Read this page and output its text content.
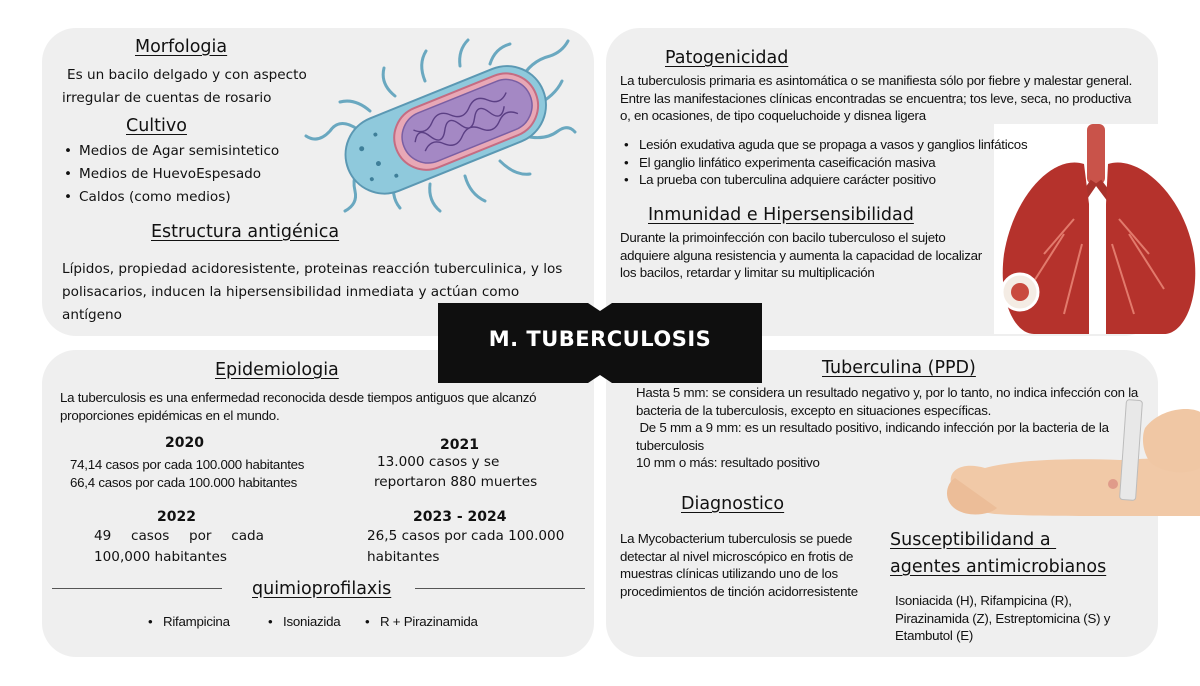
M. TUBERCULOSIS
Morfologia
Es un bacilo delgado y con aspecto irregular de cuentas de rosario
Cultivo
• Medios de Agar semisintetico
• Medios de HuevoEspesado
• Caldos (como medios)
Estructura antigénica
Lípidos, propiedad acidoresistente, proteinas reacción tuberculinica, y los polisacarios, inducen la hipersensibilidad inmediata y actúan como antígeno
Patogenicidad
La tuberculosis primaria es asintomática o se manifiesta sólo por fiebre y malestar general. Entre las manifestaciones clínicas encontradas se encuentra; tos leve, seca, no productiva o, en ocasiones, de tipo coqueluchoide y disnea ligera
• Lesión exudativa aguda que se propaga a vasos y ganglios linfáticos
• El ganglio linfático experimenta caseificación masiva
• La prueba con tuberculina adquiere carácter positivo
Inmunidad e Hipersensibilidad
Durante la primoinfección con bacilo tuberculoso el sujeto adquiere alguna resistencia y aumenta la capacidad de localizar los bacilos, retardar y limitar su multiplicación
Epidemiologia
La tuberculosis es una enfermedad reconocida desde tiempos antiguos que alcanzó proporciones epidémicas en el mundo.
2020
74,14 casos por cada 100.000 habitantes
66,4 casos por cada 100.000 habitantes
2021
13.000 casos y se
reportaron 880 muertes
2022
49 casos por cada
100,000 habitantes
2023 - 2024
26,5 casos por cada 100.000
habitantes
quimioprofilaxis
• Rifampicina	• Isoniazida	• R + Pirazinamida
Tuberculina (PPD)
Hasta 5 mm: se considera un resultado negativo y, por lo tanto, no indica infección con la bacteria de la tuberculosis, excepto en situaciones específicas.
De 5 mm a 9 mm: es un resultado positivo, indicando infección por la bacteria de la tuberculosis
10 mm o más: resultado positivo
Diagnostico
La Mycobacterium tuberculosis se puede detectar al nivel microscópico en frotis de muestras clínicas utilizando uno de los procedimientos de tinción acidorresistente
Susceptibilidand a
agentes antimicrobianos
Isoniacida (H), Rifampicina (R), Pirazinamida (Z), Estreptomicina (S) y Etambutol (E)
